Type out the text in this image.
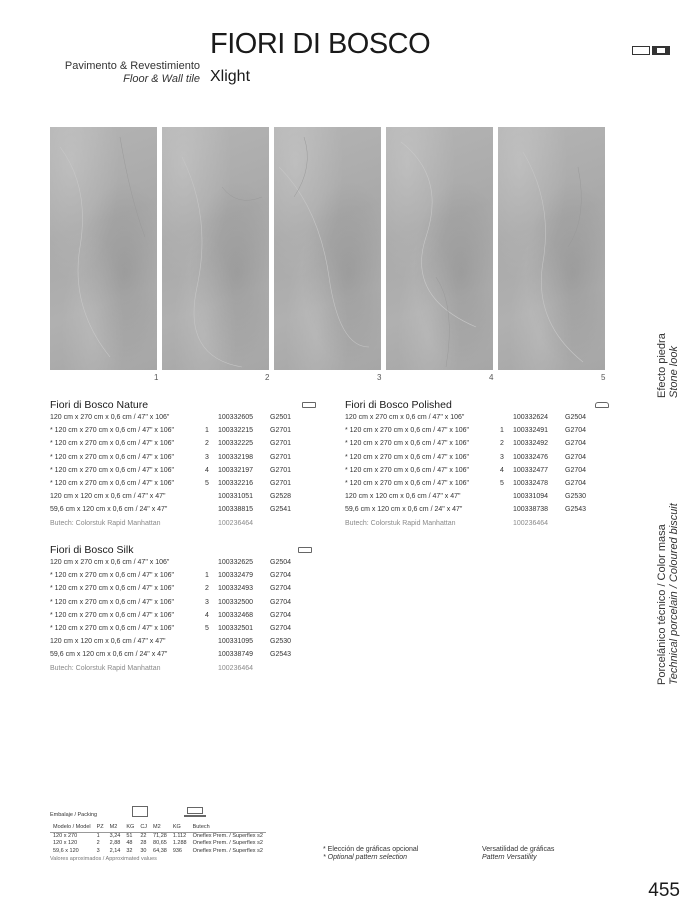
Pavimento & Revestimiento
Floor & Wall tile
FIORI DI BOSCO
Xlight
1	2	3	4	5	Efecto piedra Stone look
Porcelánico técnico / Color masa Technical porcelain / Coloured biscuit
Fiori di Bosco Nature
120 cm x 270 cm x 0,6 cm / 47" x 106"	100332605	G2501
* 120 cm x 270 cm x 0,6 cm / 47" x 106"	1	100332215	G2701
* 120 cm x 270 cm x 0,6 cm / 47" x 106"	2	100332225	G2701
* 120 cm x 270 cm x 0,6 cm / 47" x 106"	3	100332198	G2701
* 120 cm x 270 cm x 0,6 cm / 47" x 106"	4	100332197	G2701
* 120 cm x 270 cm x 0,6 cm / 47" x 106"	5	100332216	G2701
120 cm x 120 cm x 0,6 cm / 47" x 47"	100331051	G2528
59,6 cm x 120 cm x 0,6 cm / 24" x 47"	100338815	G2541
Butech: Colorstuk Rapid Manhattan	100236464
Fiori di Bosco Polished
120 cm x 270 cm x 0,6 cm / 47" x 106"	100332624	G2504
* 120 cm x 270 cm x 0,6 cm / 47" x 106"	1	100332491	G2704
* 120 cm x 270 cm x 0,6 cm / 47" x 106"	2	100332492	G2704
* 120 cm x 270 cm x 0,6 cm / 47" x 106"	3	100332476	G2704
* 120 cm x 270 cm x 0,6 cm / 47" x 106"	4	100332477	G2704
* 120 cm x 270 cm x 0,6 cm / 47" x 106"	5	100332478	G2704
120 cm x 120 cm x 0,6 cm / 47" x 47"	100331094	G2530
59,6 cm x 120 cm x 0,6 cm / 24" x 47"	100338738	G2543
Butech: Colorstuk Rapid Manhattan	100236464
Fiori di Bosco Silk
120 cm x 270 cm x 0,6 cm / 47" x 106"	100332625	G2504
* 120 cm x 270 cm x 0,6 cm / 47" x 106"	1	100332479	G2704
* 120 cm x 270 cm x 0,6 cm / 47" x 106"	2	100332493	G2704
* 120 cm x 270 cm x 0,6 cm / 47" x 106"	3	100332500	G2704
* 120 cm x 270 cm x 0,6 cm / 47" x 106"	4	100332468	G2704
* 120 cm x 270 cm x 0,6 cm / 47" x 106"	5	100332501	G2704
120 cm x 120 cm x 0,6 cm / 47" x 47"	100331095	G2530
59,6 cm x 120 cm x 0,6 cm / 24" x 47"	100338749	G2543
Butech: Colorstuk Rapid Manhattan	100236464
Embalaje / Packing
Modelo / Model	PZ	M2	KG	CJ	M2	KG	Butech
120 x 270	1	3,24	51	22	71,28	1.112	Oneflex Prem. / Superflex s2
120 x 120	2	2,88	48	28	80,65	1.288	Oneflex Prem. / Superflex s2
59,6 x 120	3	2,14	32	30	64,38	936	Oneflex Prem. / Superflex s2
Valores aproximados / Approximated values
* Elección de gráficas opcional
* Optional pattern selection
Versatilidad de gráficas
Pattern Versatility
455
